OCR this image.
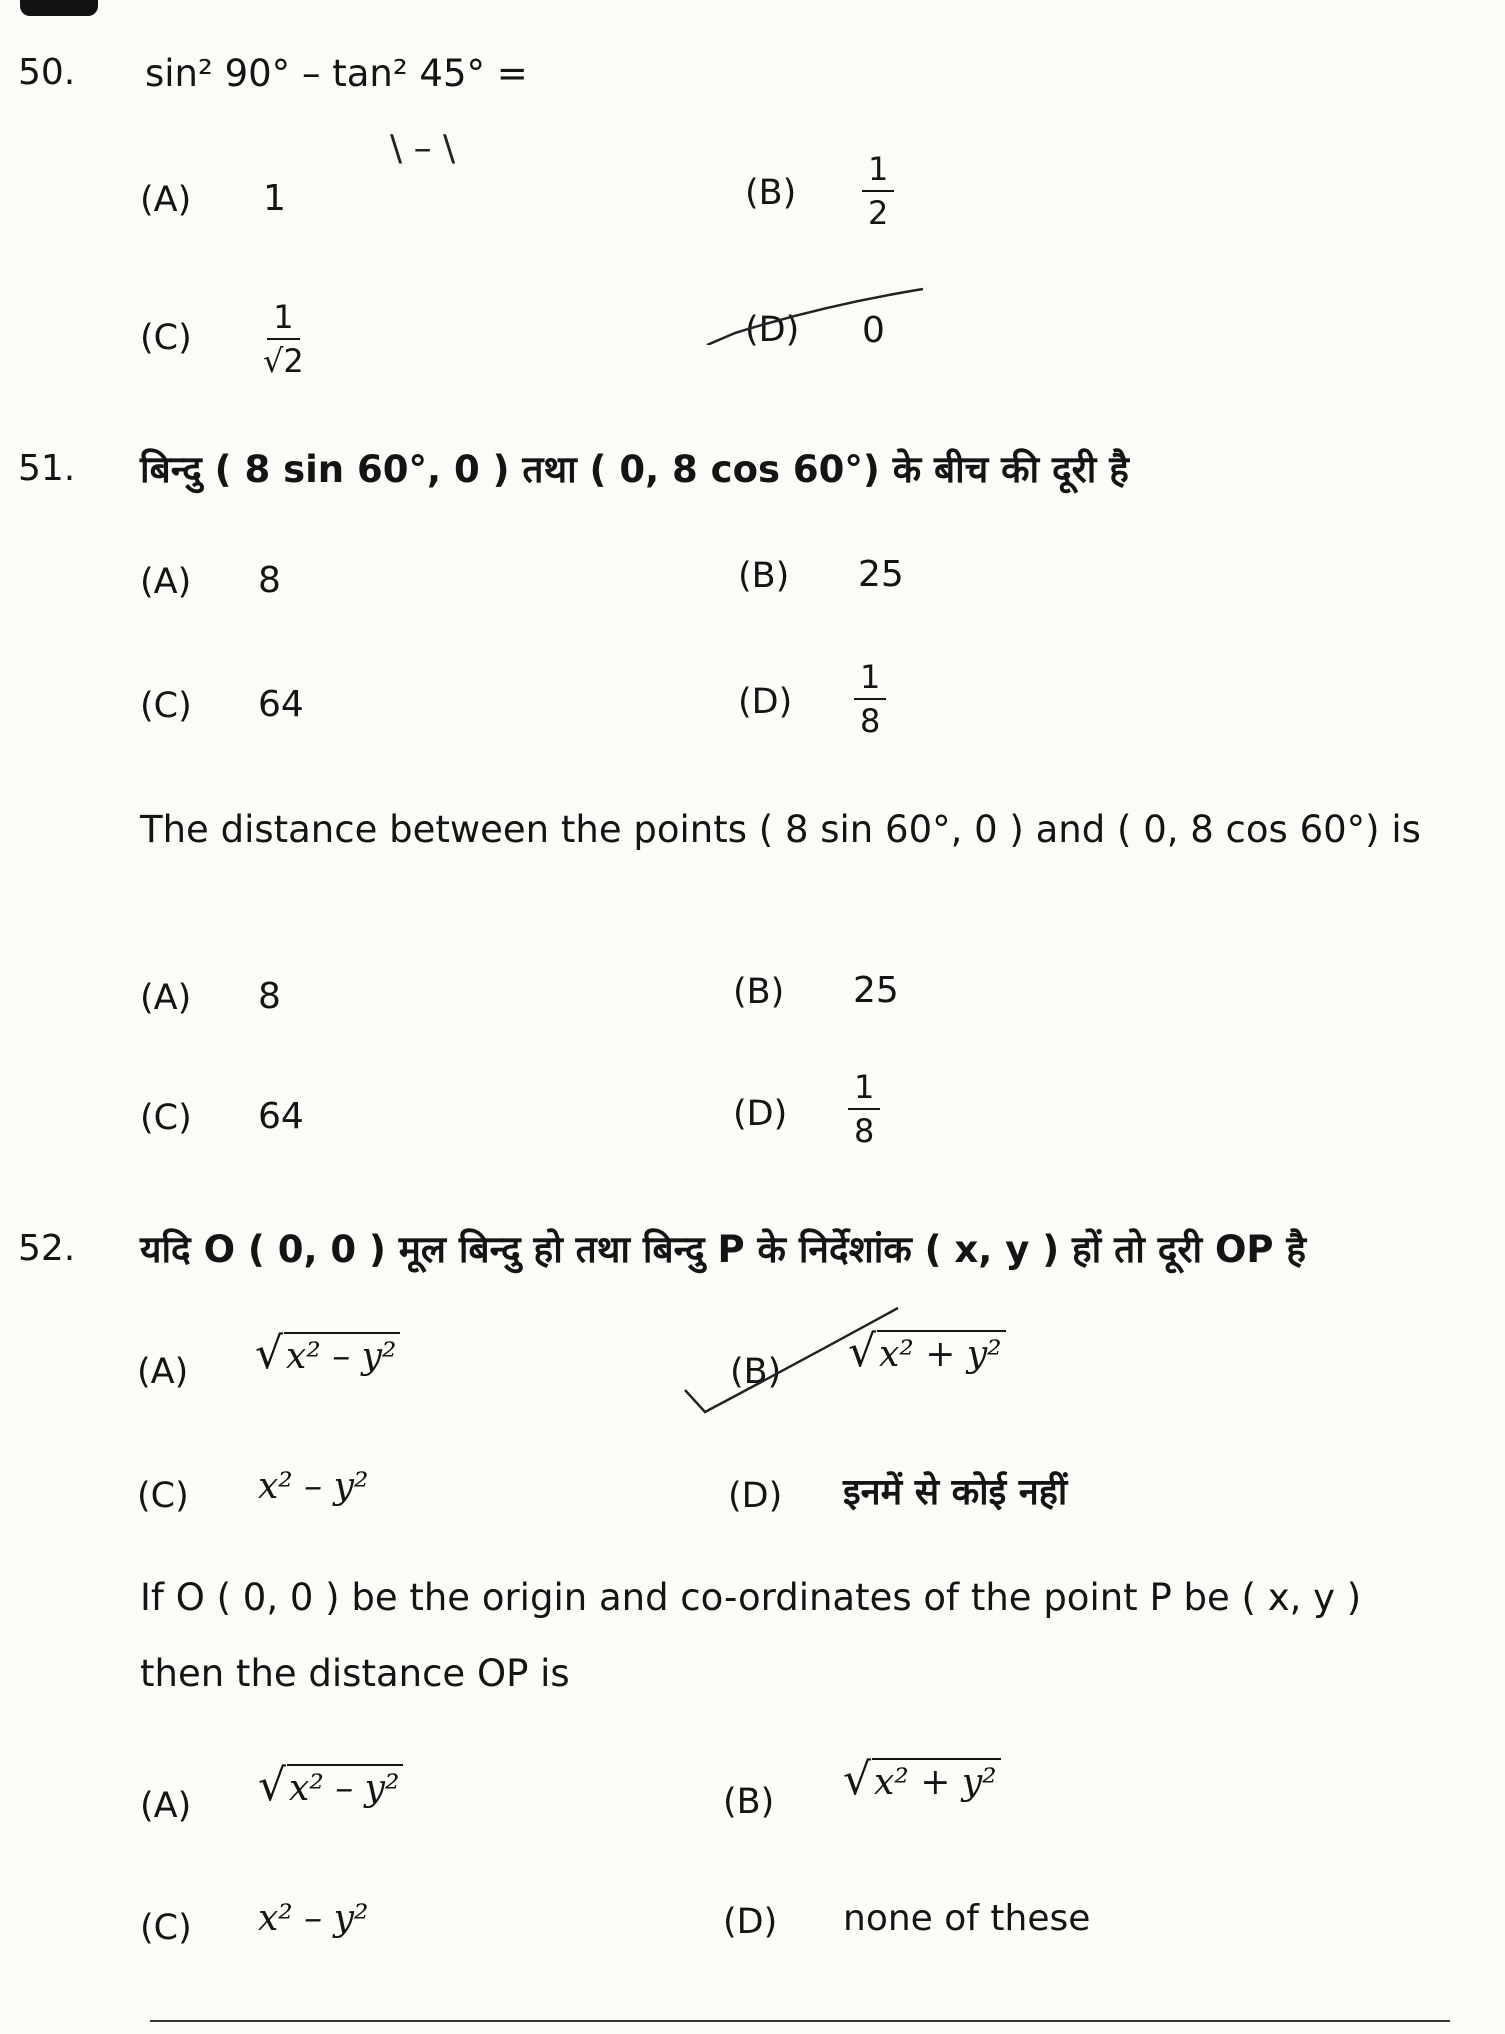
50. sin² 90° – tan² 45° =
\ – \
(A) 1	$(B) \frac{1}{2}$
$(C) \frac{1}{√2}$	(D) 0
51. बिन्दु ( 8 sin 60°, 0 ) तथा ( 0, 8 cos 60°) के बीच की दूरी है
(A) 8	(B) 25
(C) 64	$(D) \frac{1}{8}$
The distance between the points ( 8 sin 60°, 0 ) and ( 0, 8 cos 60°) is
(A) 8	(B) 25
(C) 64	$(D) \frac{1}{8}$
52. यदि O ( 0, 0 ) मूल बिन्दु हो तथा बिन्दु P के निर्देशांक ( x, y ) हों तो दूरी OP है
(A) √ x² – y²	(B) √ x² + y²
(C) x² – y²	(D) इनमें से कोई नहीं
If O ( 0, 0 ) be the origin and co-ordinates of the point P be ( x, y )
then the distance OP is
(A) √ x² – y²	(B) √ x² + y²
(C) x² – y²	(D) none of these
